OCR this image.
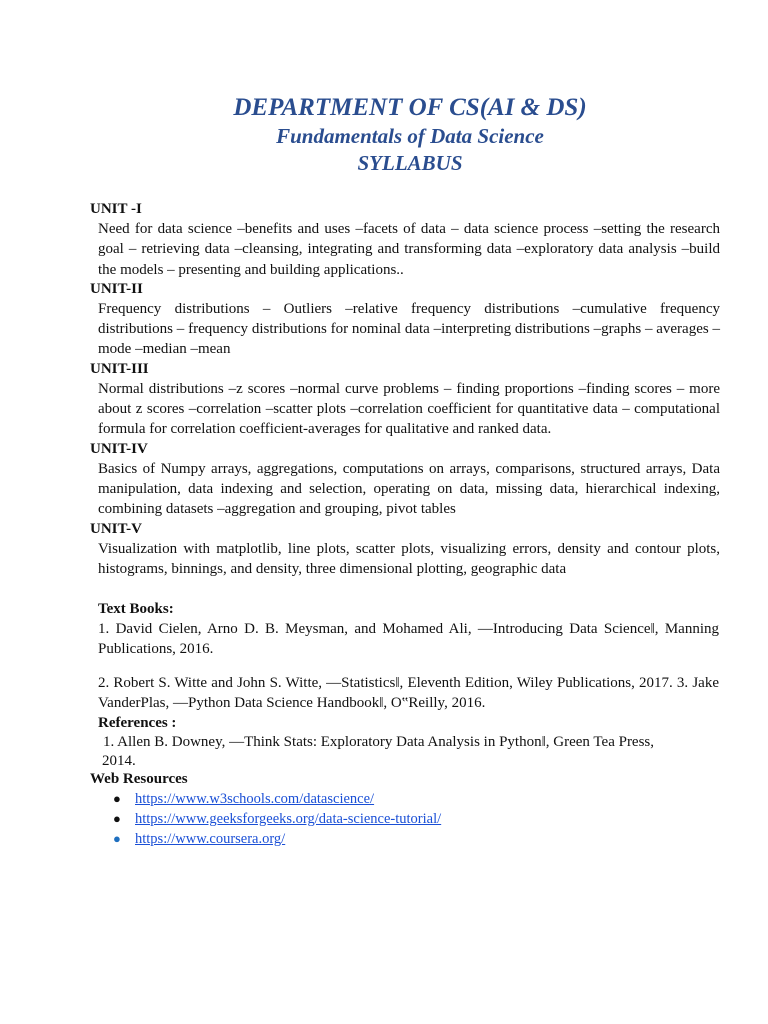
DEPARTMENT OF CS(AI & DS)
Fundamentals of Data Science
SYLLABUS
UNIT -I
Need for data science –benefits and uses –facets of data – data science process –setting the research goal – retrieving data –cleansing, integrating and transforming data –exploratory data analysis –build the models – presenting and building applications..
UNIT-II
Frequency distributions – Outliers –relative frequency distributions –cumulative frequency distributions – frequency distributions for nominal data –interpreting distributions –graphs – averages –mode –median –mean
UNIT-III
Normal distributions –z scores –normal curve problems – finding proportions –finding scores – more about z scores –correlation –scatter plots –correlation coefficient for quantitative data – computational formula for correlation coefficient-averages for qualitative and ranked data.
UNIT-IV
Basics of Numpy arrays, aggregations, computations on arrays, comparisons, structured arrays, Data manipulation, data indexing and selection, operating on data, missing data, hierarchical indexing, combining datasets –aggregation and grouping, pivot tables
UNIT-V
Visualization with matplotlib, line plots, scatter plots, visualizing errors, density and contour plots, histograms, binnings, and density, three dimensional plotting, geographic data
Text Books:
1. David Cielen, Arno D. B. Meysman, and Mohamed Ali, ―Introducing Data Science‖, Manning Publications, 2016.
2. Robert S. Witte and John S. Witte, ―Statistics‖, Eleventh Edition, Wiley Publications, 2017. 3. Jake VanderPlas, ―Python Data Science Handbook‖, O‟Reilly, 2016.
References :
1. Allen B. Downey, ―Think Stats: Exploratory Data Analysis in Python‖, Green Tea Press,
2014.
Web Resources
● https://www.w3schools.com/datascience/
● https://www.geeksforgeeks.org/data-science-tutorial/
● https://www.coursera.org/
